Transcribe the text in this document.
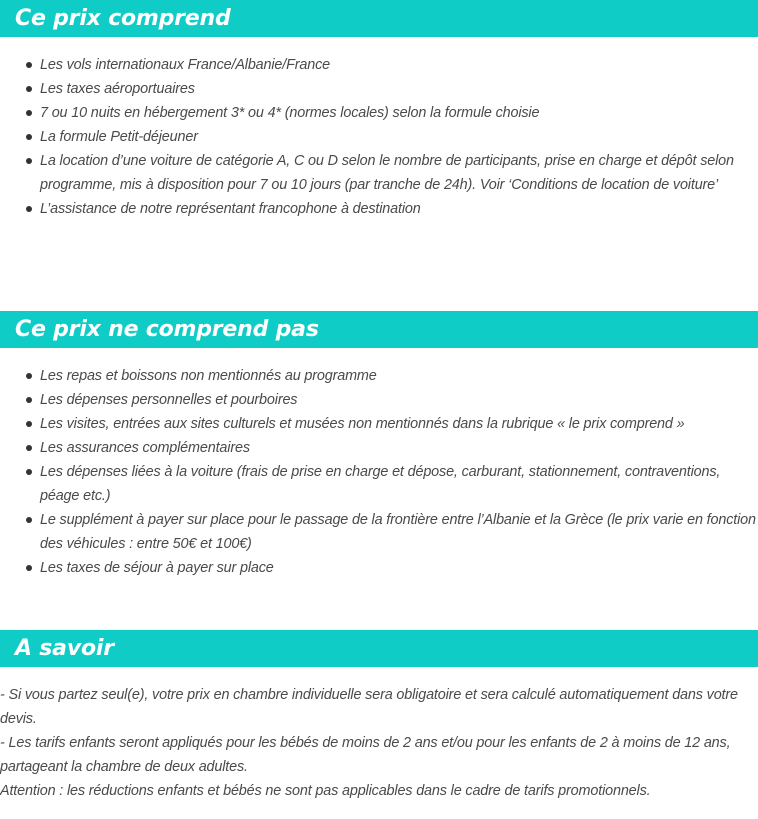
Ce prix comprend
Les vols internationaux France/Albanie/France
Les taxes aéroportuaires
7 ou 10 nuits en hébergement 3* ou 4* (normes locales) selon la formule choisie
La formule Petit-déjeuner
La location d’une voiture de catégorie A, C ou D selon le nombre de participants, prise en charge et dépôt selon programme, mis à disposition pour 7 ou 10 jours (par tranche de 24h). Voir ‘Conditions de location de voiture’
L’assistance de notre représentant francophone à destination
Ce prix ne comprend pas
Les repas et boissons non mentionnés au programme
Les dépenses personnelles et pourboires
Les visites, entrées aux sites culturels et musées non mentionnés dans la rubrique « le prix comprend »
Les assurances complémentaires
Les dépenses liées à la voiture (frais de prise en charge et dépose, carburant, stationnement, contraventions, péage etc.)
Le supplément à payer sur place pour le passage de la frontière entre l’Albanie et la Grèce (le prix varie en fonction des véhicules : entre 50€ et 100€)
Les taxes de séjour à payer sur place
A savoir

- Si vous partez seul(e), votre prix en chambre individuelle sera obligatoire et sera calculé automatiquement dans votre devis.

- Les tarifs enfants seront appliqués pour les bébés de moins de 2 ans et/ou pour les enfants de 2 à moins de 12 ans, partageant la chambre de deux adultes.

Attention : les réductions enfants et bébés ne sont pas applicables dans le cadre de tarifs promotionnels.
